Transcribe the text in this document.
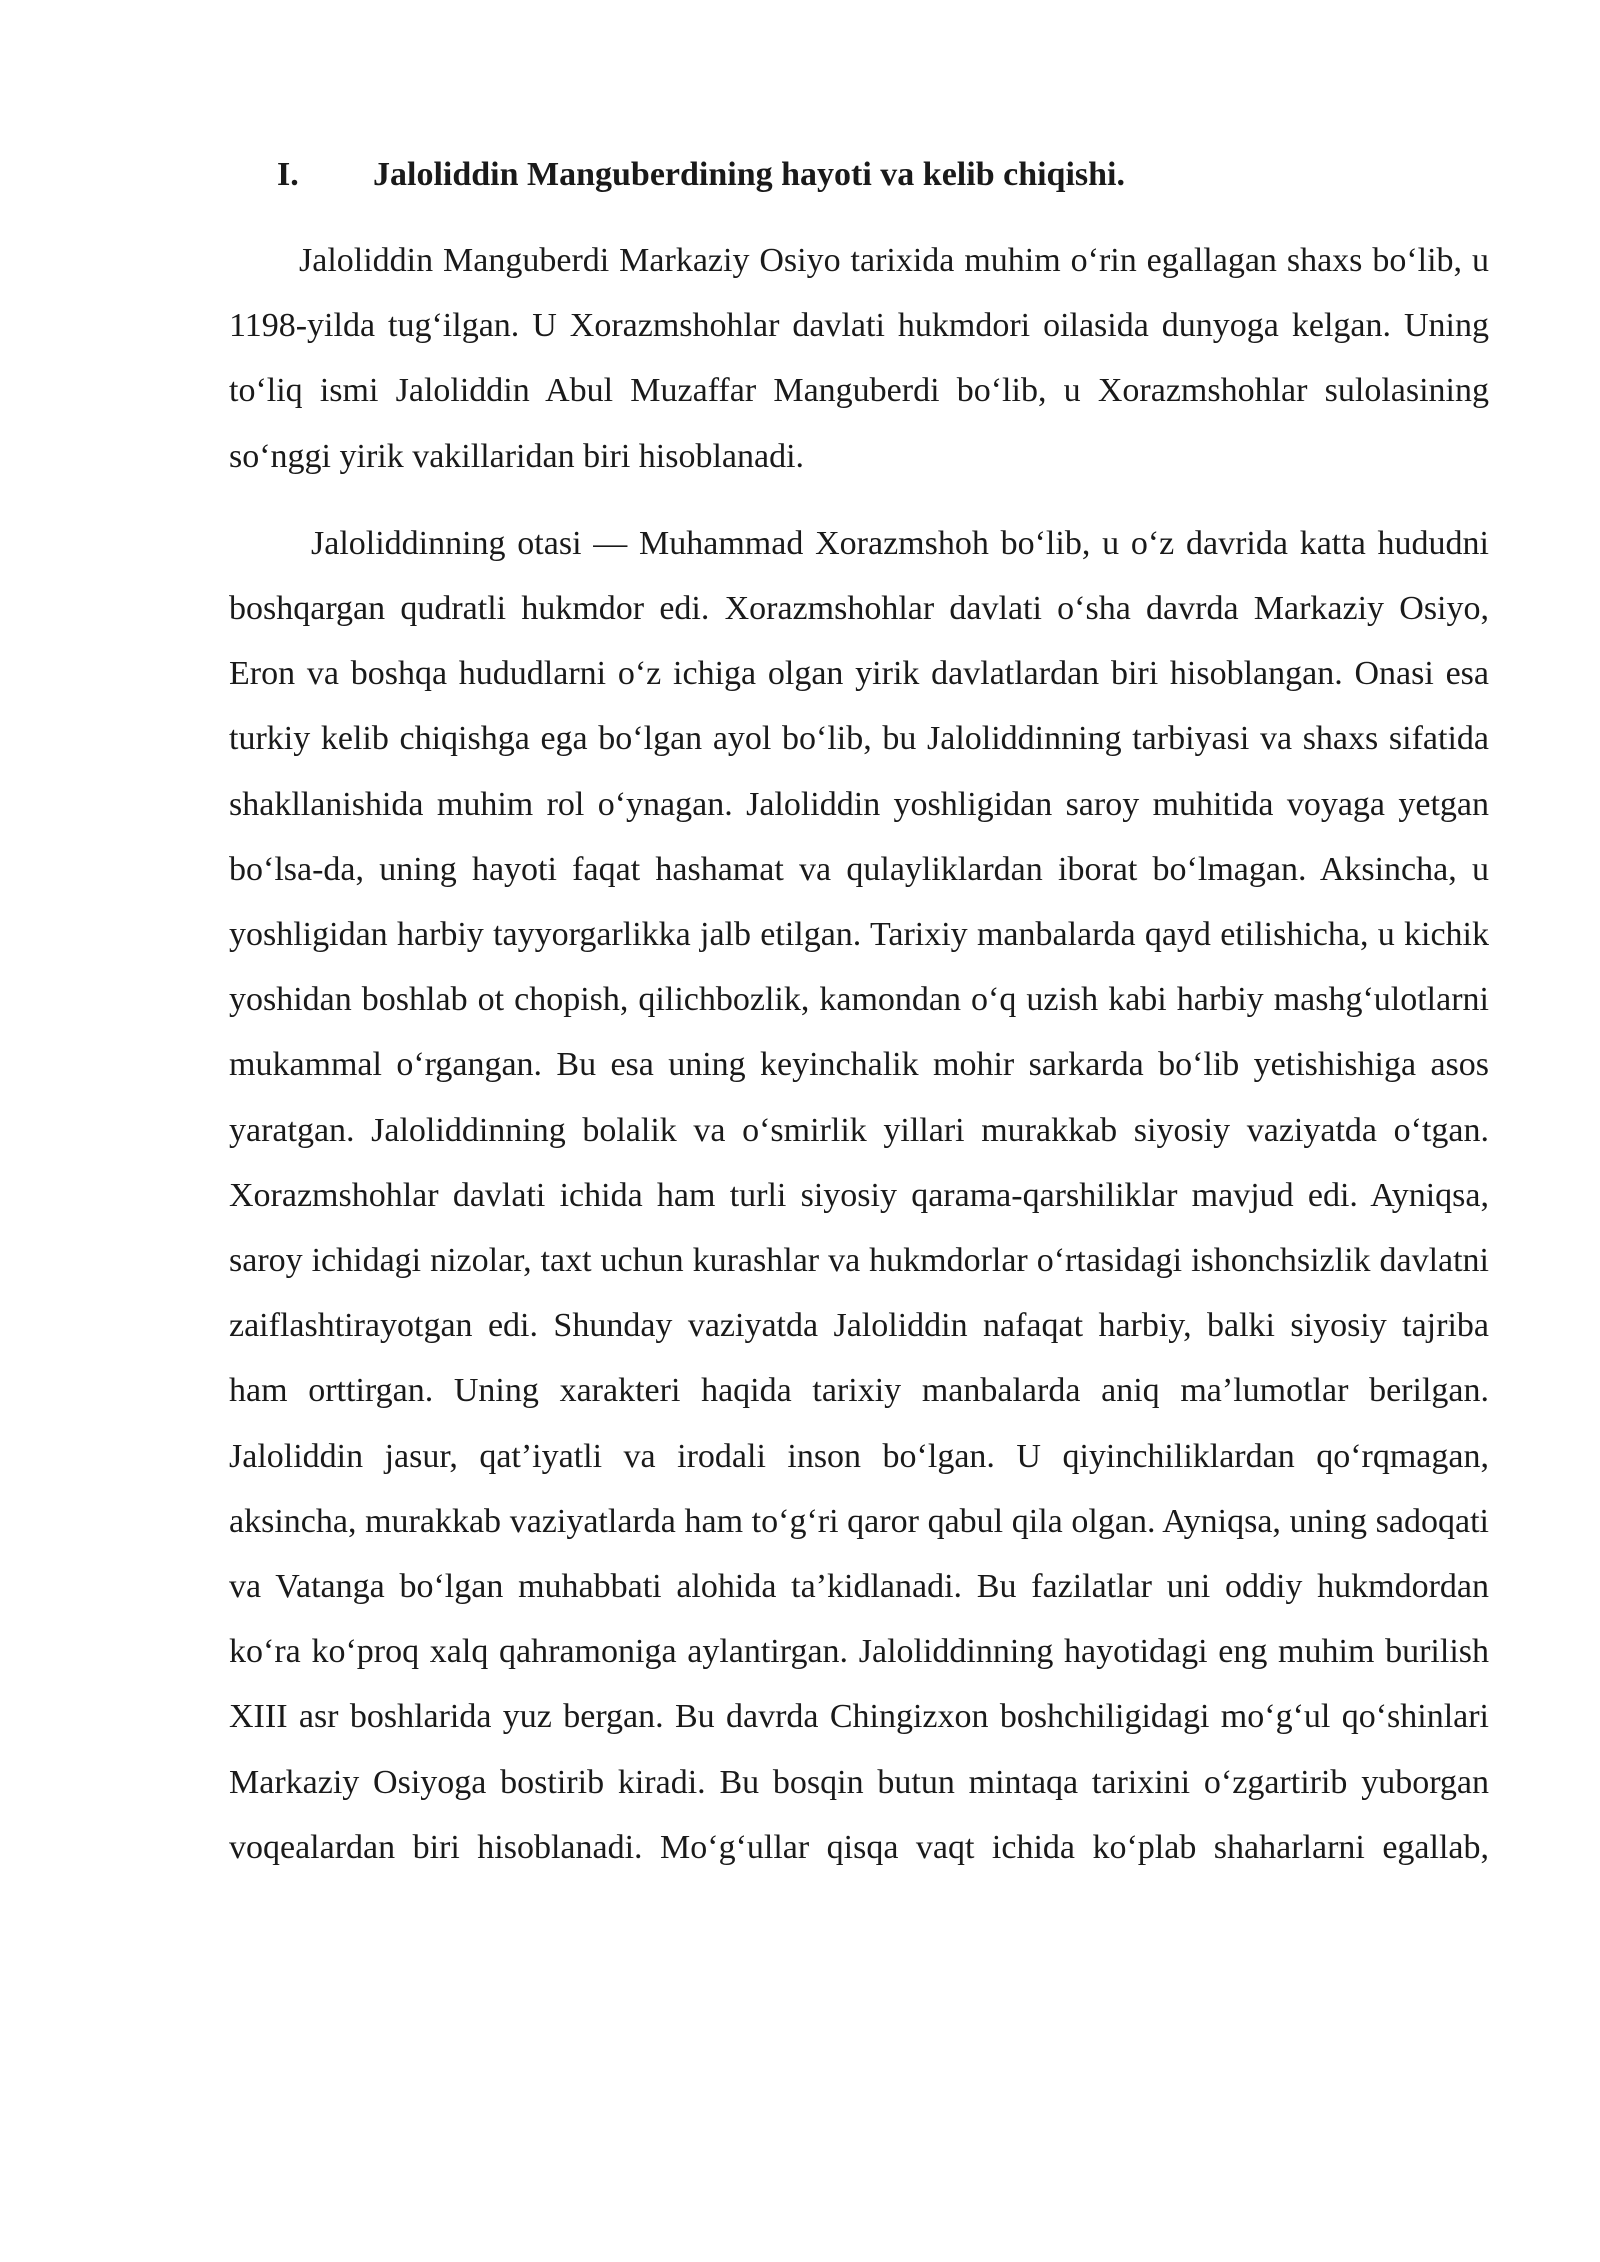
I.	Jaloliddin Manguberdining hayoti va kelib chiqishi.

Jaloliddin Manguberdi Markaziy Osiyo tarixida muhim o‘rin egallagan shaxs bo‘lib, u 1198-yilda tug‘ilgan. U Xorazmshohlar davlati hukmdori oilasida dunyoga kelgan. Uning to‘liq ismi Jaloliddin Abul Muzaffar Manguberdi bo‘lib, u Xorazmshohlar sulolasining so‘nggi yirik vakillaridan biri hisoblanadi.

Jaloliddinning otasi — Muhammad Xorazmshoh bo‘lib, u o‘z davrida katta hududni boshqargan qudratli hukmdor edi. Xorazmshohlar davlati o‘sha davrda Markaziy Osiyo, Eron va boshqa hududlarni o‘z ichiga olgan yirik davlatlardan biri hisoblangan. Onasi esa turkiy kelib chiqishga ega bo‘lgan ayol bo‘lib, bu Jaloliddinning tarbiyasi va shaxs sifatida shakllanishida muhim rol o‘ynagan. Jaloliddin yoshligidan saroy muhitida voyaga yetgan bo‘lsa-da, uning hayoti faqat hashamat va qulayliklardan iborat bo‘lmagan. Aksincha, u yoshligidan harbiy tayyorgarlikka jalb etilgan. Tarixiy manbalarda qayd etilishicha, u kichik yoshidan boshlab ot chopish, qilichbozlik, kamondan o‘q uzish kabi harbiy mashg‘ulotlarni mukammal o‘rgangan. Bu esa uning keyinchalik mohir sarkarda bo‘lib yetishishiga asos yaratgan. Jaloliddinning bolalik va o‘smirlik yillari murakkab siyosiy vaziyatda o‘tgan. Xorazmshohlar davlati ichida ham turli siyosiy qarama-qarshiliklar mavjud edi. Ayniqsa, saroy ichidagi nizolar, taxt uchun kurashlar va hukmdorlar o‘rtasidagi ishonchsizlik davlatni zaiflashtirayotgan edi. Shunday vaziyatda Jaloliddin nafaqat harbiy, balki siyosiy tajriba ham orttirgan. Uning xarakteri haqida tarixiy manbalarda aniq ma’lumotlar berilgan. Jaloliddin jasur, qat’iyatli va irodali inson bo‘lgan. U qiyinchiliklardan qo‘rqmagan, aksincha, murakkab vaziyatlarda ham to‘g‘ri qaror qabul qila olgan. Ayniqsa, uning sadoqati va Vatanga bo‘lgan muhabbati alohida ta’kidlanadi. Bu fazilatlar uni oddiy hukmdordan ko‘ra ko‘proq xalq qahramoniga aylantirgan. Jaloliddinning hayotidagi eng muhim burilish XIII asr boshlarida yuz bergan. Bu davrda Chingizxon boshchiligidagi mo‘g‘ul qo‘shinlari Markaziy Osiyoga bostirib kiradi. Bu bosqin butun mintaqa tarixini o‘zgartirib yuborgan voqealardan biri hisoblanadi. Mo‘g‘ullar qisqa vaqt ichida ko‘plab shaharlarni egallab,
